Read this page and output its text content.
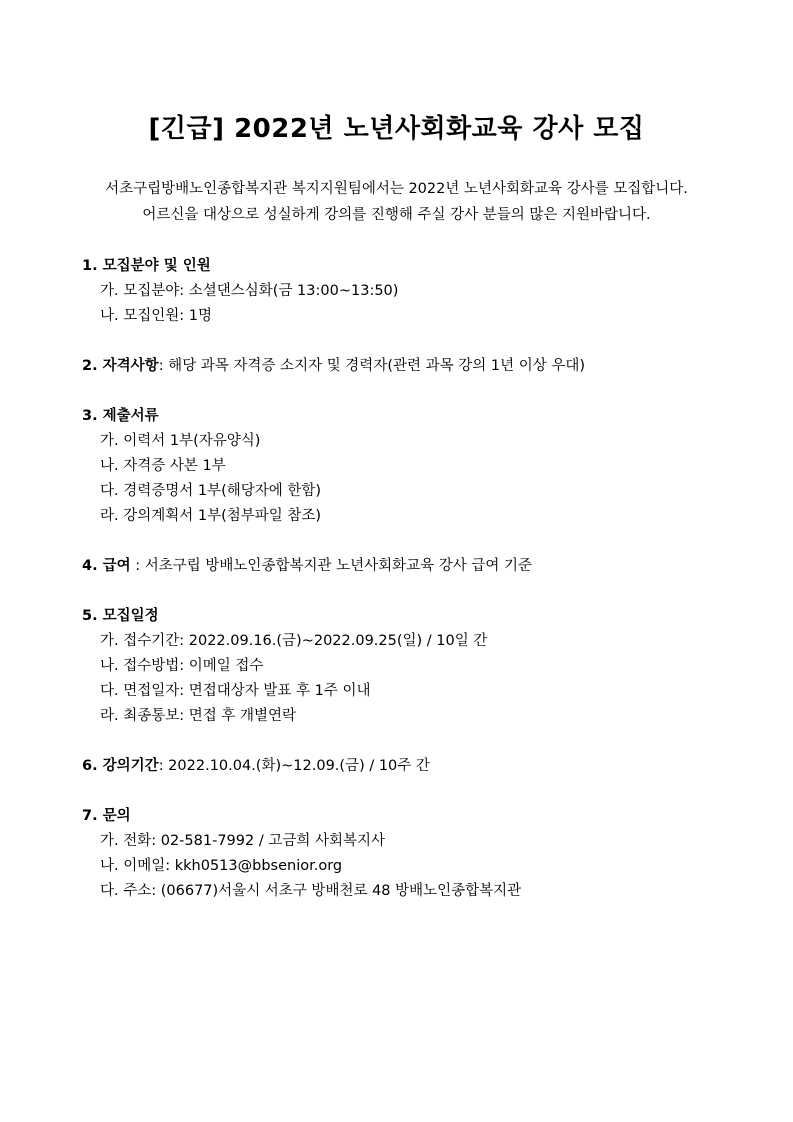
[긴급] 2022년 노년사회화교육 강사 모집

서초구립방배노인종합복지관 복지지원팀에서는 2022년 노년사회화교육 강사를 모집합니다.

어르신을 대상으로 성실하게 강의를 진행해 주실 강사 분들의 많은 지원바랍니다.

1. 모집분야 및 인원
가. 모집분야: 소셜댄스심화(금 13:00~13:50)
나. 모집인원: 1명
2. 자격사항: 해당 과목 자격증 소지자 및 경력자(관련 과목 강의 1년 이상 우대)
3. 제출서류
가. 이력서 1부(자유양식)
나. 자격증 사본 1부
다. 경력증명서 1부(해당자에 한함)
라. 강의계획서 1부(첨부파일 참조)
4. 급여 : 서초구립 방배노인종합복지관 노년사회화교육 강사 급여 기준
5. 모집일정
가. 접수기간: 2022.09.16.(금)~2022.09.25(일) / 10일 간
나. 접수방법: 이메일 접수
다. 면접일자: 면접대상자 발표 후 1주 이내
라. 최종통보: 면접 후 개별연락
6. 강의기간: 2022.10.04.(화)~12.09.(금) / 10주 간
7. 문의
가. 전화: 02-581-7992 / 고금희 사회복지사
나. 이메일: kkh0513@bbsenior.org
다. 주소: (06677)서울시 서초구 방배천로 48 방배노인종합복지관
